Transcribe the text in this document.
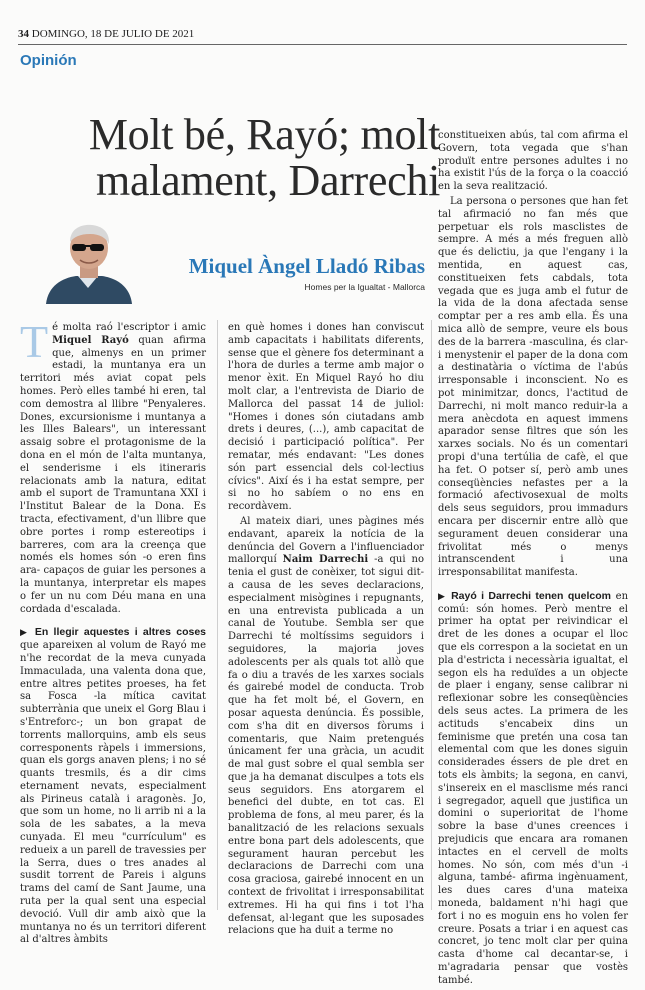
34 DOMINGO, 18 DE JULIO DE 2021
Opinión
Molt bé, Rayó; molt
malament, Darrechi
Miquel Àngel Lladó Ribas
Homes per la Igualtat - Mallorca

Té molta raó l'escriptor i amic Miquel Rayó quan afirma que, almenys en un primer estadi, la muntanya era un territori més aviat copat pels homes. Però elles també hi eren, tal com demostra al llibre "Penyaleres. Dones, excursionisme i muntanya a les Illes Balears", un interessant assaig sobre el protagonisme de la dona en el món de l'alta muntanya, el senderisme i els itineraris relacionats amb la natura, editat amb el suport de Tramuntana XXI i l'Institut Balear de la Dona. Es tracta, efectivament, d'un llibre que obre portes i romp estereotips i barreres, com ara la creença que només els homes són -o eren fins ara- capaços de guiar les persones a la muntanya, interpretar els mapes o fer un nu com Déu mana en una cordada d'escalada.

▶ En llegir aquestes i altres coses que apareixen al volum de Rayó me n'he recordat de la meva cunyada Immaculada, una valenta dona que, entre altres petites proeses, ha fet sa Fosca -la mítica cavitat subterrània que uneix el Gorg Blau i s'Entreforc-; un bon grapat de torrents mallorquins, amb els seus corresponents ràpels i immersions, quan els gorgs anaven plens; i no sé quants tresmils, és a dir cims eternament nevats, especialment als Pirineus català i aragonès. Jo, que som un home, no li arrib ni a la sola de les sabates, a la meva cunyada. El meu "currículum" es redueix a un parell de travessies per la Serra, dues o tres anades al susdit torrent de Pareis i alguns trams del camí de Sant Jaume, una ruta per la qual sent una especial devoció. Vull dir amb això que la muntanya no és un territori diferent al d'altres àmbits

en què homes i dones han conviscut amb capacitats i habilitats diferents, sense que el gènere fos determinant a l'hora de durles a terme amb major o menor èxit. En Miquel Rayó ho diu molt clar, a l'entrevista de Diario de Mallorca del passat 14 de juliol: "Homes i dones són ciutadans amb drets i deures, (...), amb capacitat de decisió i participació política". Per rematar, més endavant: "Les dones són part essencial dels col·lectius cívics". Així és i ha estat sempre, per si no ho sabíem o no ens en recordàvem.

Al mateix diari, unes pàgines més endavant, apareix la notícia de la denúncia del Govern a l'influenciador mallorquí Naim Darrechi -a qui no tenia el gust de conèixer, tot sigui dit- a causa de les seves declaracions, especialment misògines i repugnants, en una entrevista publicada a un canal de Youtube. Sembla ser que Darrechi té moltíssims seguidors i seguidores, la majoria joves adolescents per als quals tot allò que fa o diu a través de les xarxes socials és gairebé model de conducta. Trob que ha fet molt bé, el Govern, en posar aquesta denúncia. És possible, com s'ha dit en diversos fòrums i comentaris, que Naim pretengués únicament fer una gràcia, un acudit de mal gust sobre el qual sembla ser que ja ha demanat disculpes a tots els seus seguidors. Ens atorgarem el benefici del dubte, en tot cas. El problema de fons, al meu parer, és la banalització de les relacions sexuals entre bona part dels adolescents, que segurament hauran percebut les declaracions de Darrechi com una cosa graciosa, gairebé innocent en un context de frivolitat i irresponsabilitat extremes. Hi ha qui fins i tot l'ha defensat, al·legant que les suposades relacions que ha duit a terme no

constitueixen abús, tal com afirma el Govern, tota vegada que s'han produït entre persones adultes i no ha existit l'ús de la força o la coacció en la seva realització.

La persona o persones que han fet tal afirmació no fan més que perpetuar els rols masclistes de sempre. A més a més freguen allò que és delictiu, ja que l'engany i la mentida, en aquest cas, constitueixen fets cabdals, tota vegada que es juga amb el futur de la vida de la dona afectada sense comptar per a res amb ella. És una mica allò de sempre, veure els bous des de la barrera -masculina, és clar- i menystenir el paper de la dona com a destinatària o víctima de l'abús irresponsable i inconscient. No es pot minimitzar, doncs, l'actitud de Darrechi, ni molt manco reduir-la a mera anècdota en aquest immens aparador sense filtres que són les xarxes socials. No és un comentari propi d'una tertúlia de cafè, el que ha fet. O potser sí, però amb unes conseqüències nefastes per a la formació afectivosexual de molts dels seus seguidors, prou immadurs encara per discernir entre allò que segurament deuen considerar una frivolitat més o menys intranscendent i una irresponsabilitat manifesta.

▶ Rayó i Darrechi tenen quelcom en comú: són homes. Però mentre el primer ha optat per reivindicar el dret de les dones a ocupar el lloc que els correspon a la societat en un pla d'estricta i necessària igualtat, el segon els ha reduïdes a un objecte de plaer i engany, sense calibrar ni reflexionar sobre les conseqüències dels seus actes. La primera de les actituds s'encabeix dins un feminisme que pretén una cosa tan elemental com que les dones siguin considerades éssers de ple dret en tots els àmbits; la segona, en canvi, s'insereix en el masclisme més ranci i segregador, aquell que justifica un domini o superioritat de l'home sobre la base d'unes creences i prejudicis que encara ara romanen intactes en el cervell de molts homes. No són, com més d'un -i alguna, també- afirma ingènuament, les dues cares d'una mateixa moneda, baldament n'hi hagi que fort i no es moguin ens ho volen fer creure. Posats a triar i en aquest cas concret, jo tenc molt clar per quina casta d'home cal decantar-se, i m'agradaria pensar que vostès també.
